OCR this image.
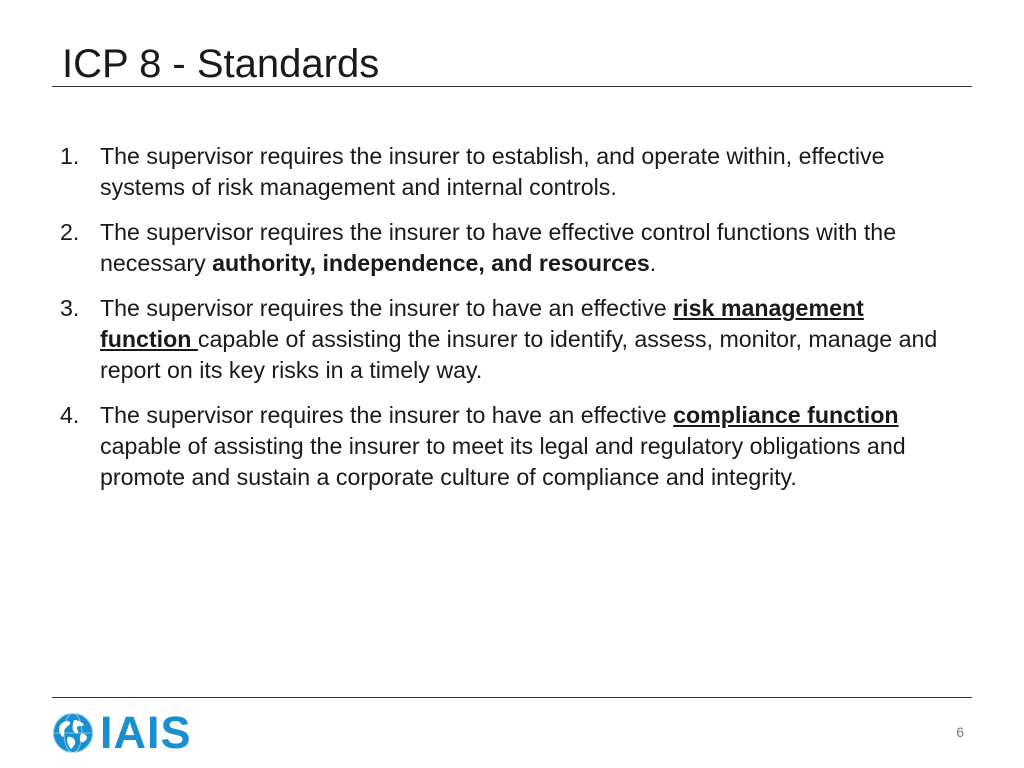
ICP 8 - Standards
1. The supervisor requires the insurer to establish, and operate within, effective systems of risk management and internal controls.
2. The supervisor requires the insurer to have effective control functions with the necessary authority, independence, and resources.
3. The supervisor requires the insurer to have an effective risk management function capable of assisting the insurer to identify, assess, monitor, manage and report on its key risks in a timely way.
4. The supervisor requires the insurer to have an effective compliance function capable of assisting the insurer to meet its legal and regulatory obligations and promote and sustain a corporate culture of compliance and integrity.
IAIS	6
